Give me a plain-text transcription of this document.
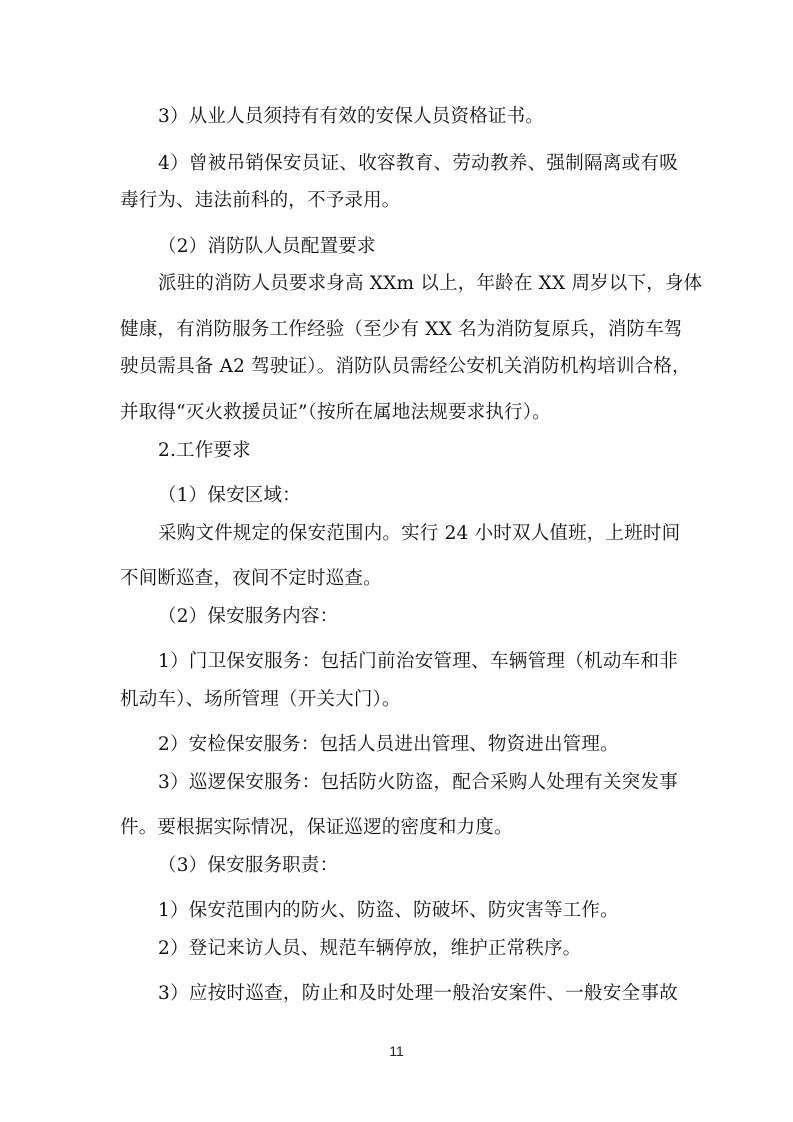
3）从业人员须持有有效的安保人员资格证书。
4）曾被吊销保安员证、收容教育、劳动教养、强制隔离或有吸
毒行为、违法前科的，不予录用。
（2）消防队人员配置要求
派驻的消防人员要求身高 XXm 以上，年龄在 XX 周岁以下，身体
健康，有消防服务工作经验（至少有 XX 名为消防复原兵，消防车驾
驶员需具备 A2 驾驶证）。消防队员需经公安机关消防机构培训合格，
并取得“灭火救援员证”（按所在属地法规要求执行）。
2.工作要求
（1）保安区域：
采购文件规定的保安范围内。实行 24 小时双人值班，上班时间
不间断巡查，夜间不定时巡查。
（2）保安服务内容：
1）门卫保安服务：包括门前治安管理、车辆管理（机动车和非
机动车）、场所管理（开关大门）。
2）安检保安服务：包括人员进出管理、物资进出管理。
3）巡逻保安服务：包括防火防盗，配合采购人处理有关突发事
件。要根据实际情况，保证巡逻的密度和力度。
（3）保安服务职责：
1）保安范围内的防火、防盗、防破坏、防灾害等工作。
2）登记来访人员、规范车辆停放，维护正常秩序。
3）应按时巡查，防止和及时处理一般治安案件、一般安全事故
11
